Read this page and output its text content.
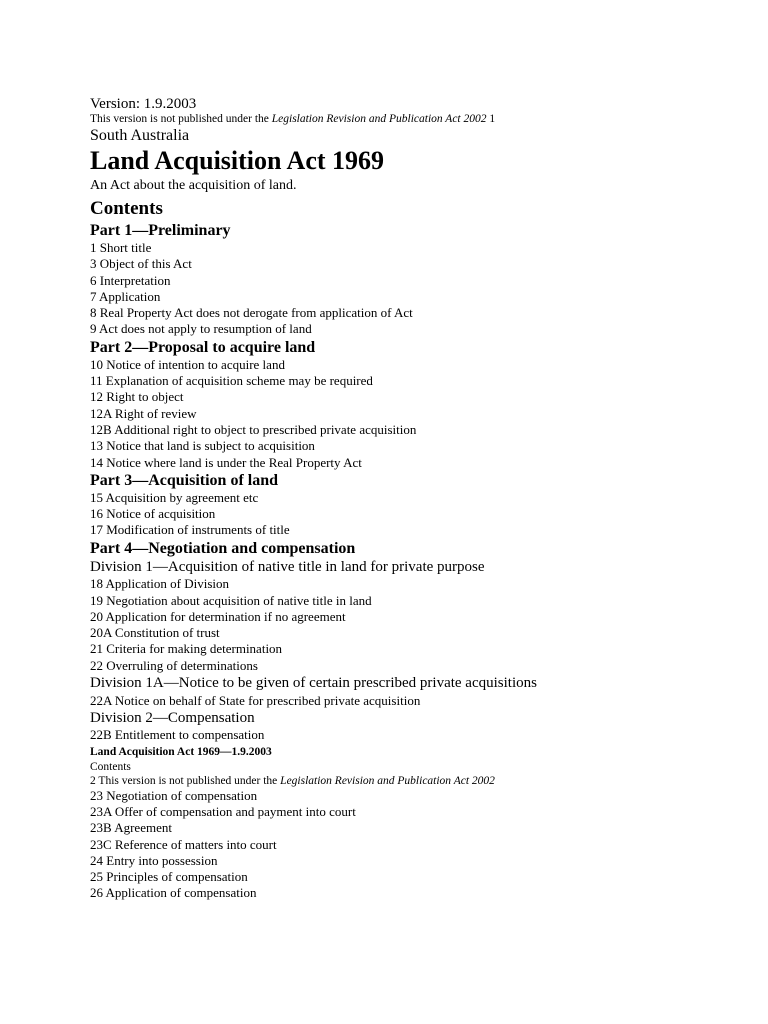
Version: 1.9.2003
This version is not published under the Legislation Revision and Publication Act 2002 1
South Australia
Land Acquisition Act 1969
An Act about the acquisition of land.
Contents
Part 1—Preliminary
1 Short title
3 Object of this Act
6 Interpretation
7 Application
8 Real Property Act does not derogate from application of Act
9 Act does not apply to resumption of land
Part 2—Proposal to acquire land
10 Notice of intention to acquire land
11 Explanation of acquisition scheme may be required
12 Right to object
12A Right of review
12B Additional right to object to prescribed private acquisition
13 Notice that land is subject to acquisition
14 Notice where land is under the Real Property Act
Part 3—Acquisition of land
15 Acquisition by agreement etc
16 Notice of acquisition
17 Modification of instruments of title
Part 4—Negotiation and compensation
Division 1—Acquisition of native title in land for private purpose
18 Application of Division
19 Negotiation about acquisition of native title in land
20 Application for determination if no agreement
20A Constitution of trust
21 Criteria for making determination
22 Overruling of determinations
Division 1A—Notice to be given of certain prescribed private acquisitions
22A Notice on behalf of State for prescribed private acquisition
Division 2—Compensation
22B Entitlement to compensation
Land Acquisition Act 1969—1.9.2003
Contents
2 This version is not published under the Legislation Revision and Publication Act 2002
23 Negotiation of compensation
23A Offer of compensation and payment into court
23B Agreement
23C Reference of matters into court
24 Entry into possession
25 Principles of compensation
26 Application of compensation
